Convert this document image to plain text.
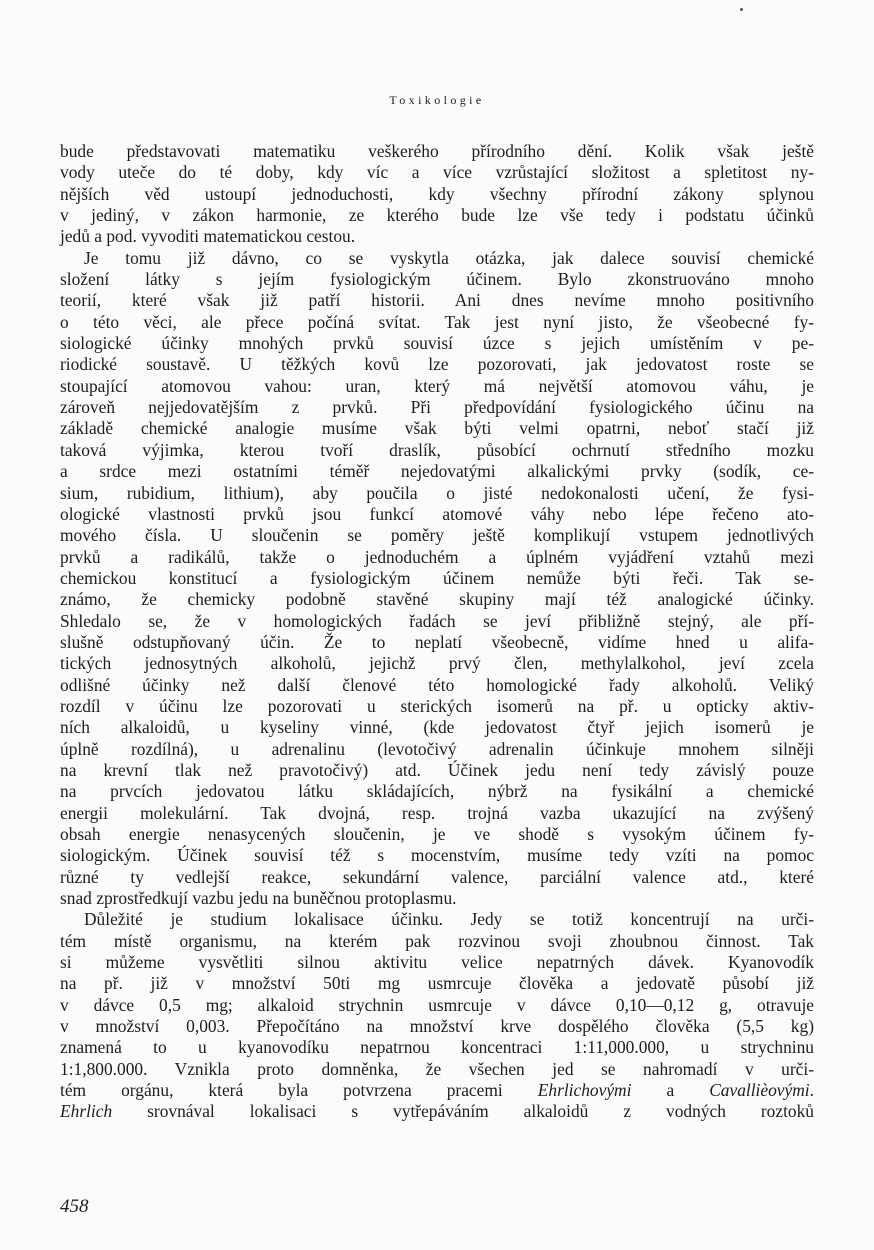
Toxikologie
bude představovati matematiku veškerého přírodního dění. Kolik však ještě
vody uteče do té doby, kdy víc a více vzrůstající složitost a spletitost ny-
nějších věd ustoupí jednoduchosti, kdy všechny přírodní zákony splynou
v jediný, v zákon harmonie, ze kterého bude lze vše tedy i podstatu účinků
jedů a pod. vyvoditi matematickou cestou.
Je tomu již dávno, co se vyskytla otázka, jak dalece souvisí chemické
složení látky s jejím fysiologickým účinem. Bylo zkonstruováno mnoho
teorií, které však již patří historii. Ani dnes nevíme mnoho positivního
o této věci, ale přece počíná svítat. Tak jest nyní jisto, že všeobecné fy-
siologické účinky mnohých prvků souvisí úzce s jejich umístěním v pe-
riodické soustavě. U těžkých kovů lze pozorovati, jak jedovatost roste se
stoupající atomovou vahou: uran, který má největší atomovou váhu, je
zároveň nejjedovatějším z prvků. Při předpovídání fysiologického účinu na
základě chemické analogie musíme však býti velmi opatrni, neboť stačí již
taková výjimka, kterou tvoří draslík, působící ochrnutí středního mozku
a srdce mezi ostatními téměř nejedovatými alkalickými prvky (sodík, ce-
sium, rubidium, lithium), aby poučila o jisté nedokonalosti učení, že fysi-
ologické vlastnosti prvků jsou funkcí atomové váhy nebo lépe řečeno ato-
mového čísla. U sloučenin se poměry ještě komplikují vstupem jednotlivých
prvků a radikálů, takže o jednoduchém a úplném vyjádření vztahů mezi
chemickou konstitucí a fysiologickým účinem nemůže býti řeči. Tak se-
známo, že chemicky podobně stavěné skupiny mají též analogické účinky.
Shledalo se, že v homologických řadách se jeví přibližně stejný, ale pří-
slušně odstupňovaný účin. Že to neplatí všeobecně, vidíme hned u alifa-
tických jednosytných alkoholů, jejichž prvý člen, methylalkohol, jeví zcela
odlišné účinky než další členové této homologické řady alkoholů. Veliký
rozdíl v účinu lze pozorovati u sterických isomerů na př. u opticky aktiv-
ních alkaloidů, u kyseliny vinné, (kde jedovatost čtyř jejich isomerů je
úplně rozdílná), u adrenalinu (levotočivý adrenalin účinkuje mnohem silněji
na krevní tlak než pravotočivý) atd. Účinek jedu není tedy závislý pouze
na prvcích jedovatou látku skládajících, nýbrž na fysikální a chemické
energii molekulární. Tak dvojná, resp. trojná vazba ukazující na zvýšený
obsah energie nenasycených sloučenin, je ve shodě s vysokým účinem fy-
siologickým. Účinek souvisí též s mocenstvím, musíme tedy vzíti na pomoc
různé ty vedlejší reakce, sekundární valence, parciální valence atd., které
snad zprostředkují vazbu jedu na buněčnou protoplasmu.
Důležité je studium lokalisace účinku. Jedy se totiž koncentrují na urči-
tém místě organismu, na kterém pak rozvinou svoji zhoubnou činnost. Tak
si můžeme vysvětliti silnou aktivitu velice nepatrných dávek. Kyanovodík
na př. již v množství 50ti mg usmrcuje člověka a jedovatě působí již
v dávce 0,5 mg; alkaloid strychnin usmrcuje v dávce 0,10—0,12 g, otravuje
v množství 0,003. Přepočítáno na množství krve dospělého člověka (5,5 kg)
znamená to u kyanovodíku nepatrnou koncentraci 1:11,000.000, u strychninu
1:1,800.000. Vznikla proto domněnka, že všechen jed se nahromadí v urči-
tém orgánu, která byla potvrzena pracemi Ehrlichovými a Cavallièovými.
Ehrlich srovnával lokalisaci s vytřepáváním alkaloidů z vodných roztoků
458
